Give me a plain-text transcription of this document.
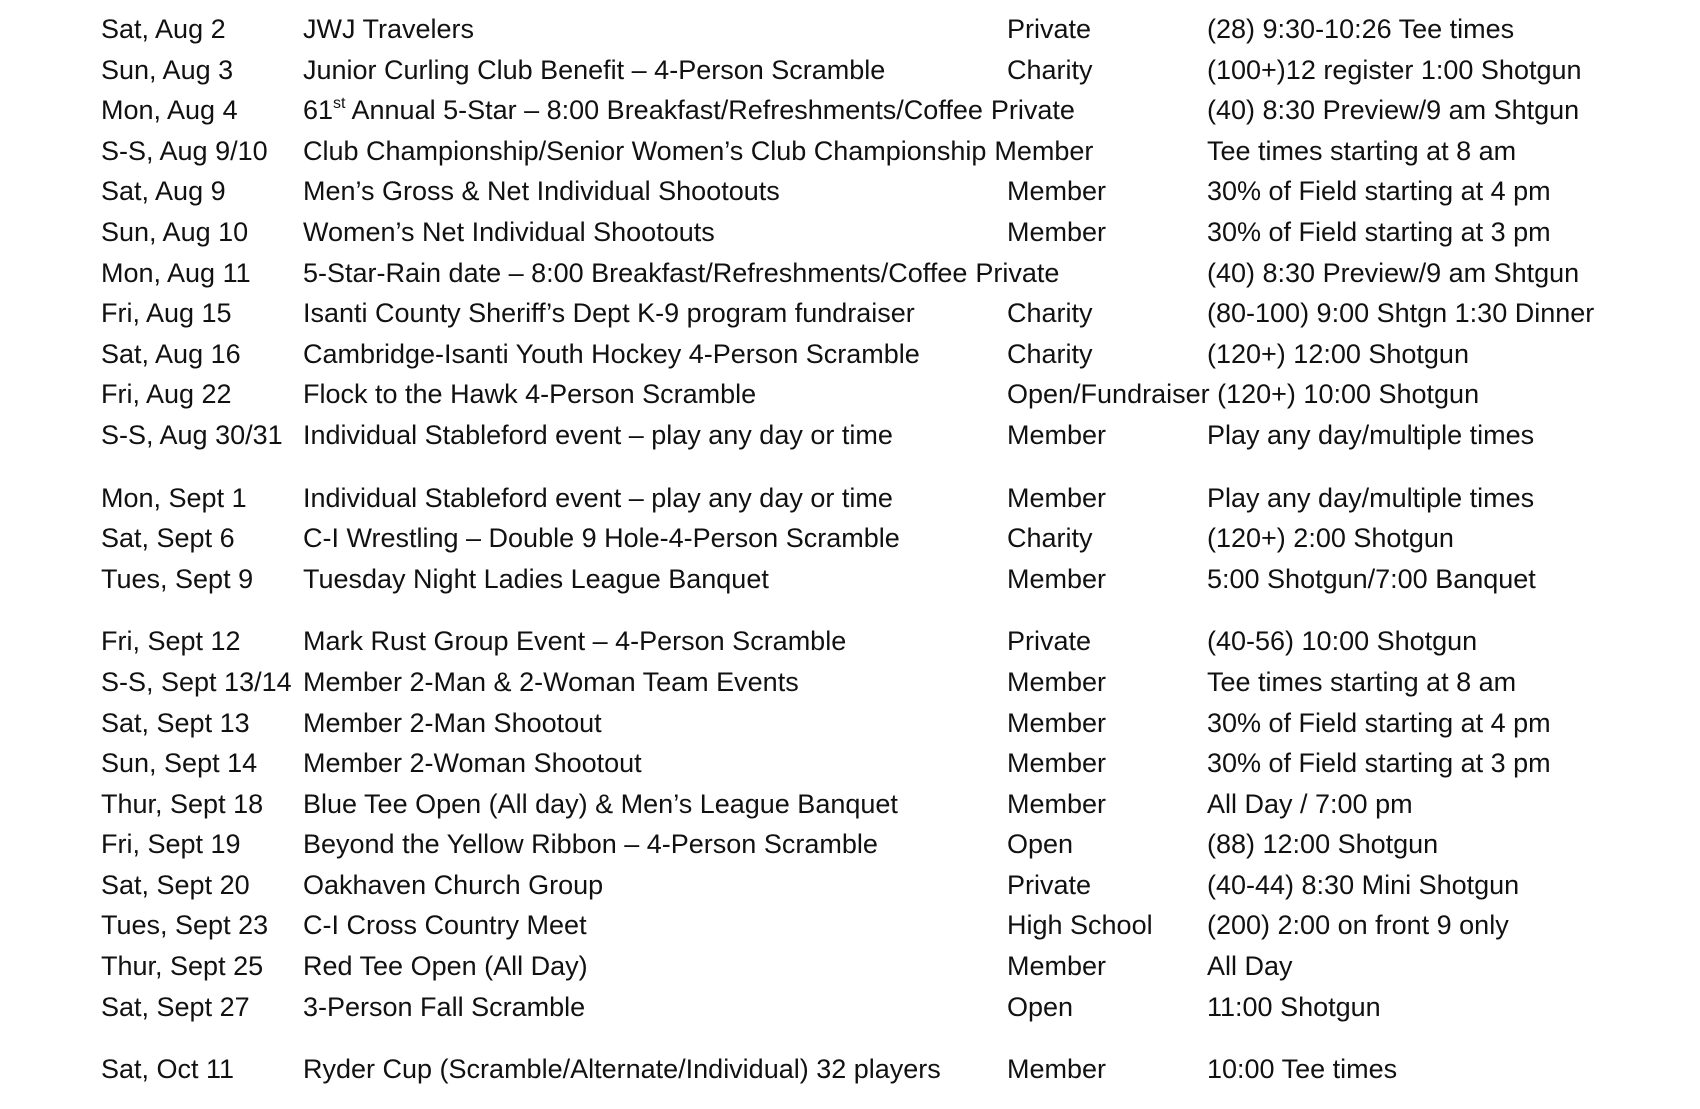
Sat, Aug 2	JWJ Travelers	Private	(28) 9:30-10:26 Tee times
Sun, Aug 3	Junior Curling Club Benefit – 4-Person Scramble	Charity	(100+)12 register 1:00 Shotgun
Mon, Aug 4 61st Annual 5-Star – 8:00 Breakfast/Refreshments/Coffee Private	(40) 8:30 Preview/9 am Shtgun
S-S, Aug 9/10 Club Championship/Senior Women’s Club Championship Member	Tee times starting at 8 am
Sat, Aug 9	Men’s Gross & Net Individual Shootouts	Member	30% of Field starting at 4 pm
Sun, Aug 10 Women’s Net Individual Shootouts	Member	30% of Field starting at 3 pm
Mon, Aug 11 5-Star-Rain date – 8:00 Breakfast/Refreshments/Coffee Private	(40) 8:30 Preview/9 am Shtgun
Fri, Aug 15	Isanti County Sheriff’s Dept K-9 program fundraiser	Charity	(80-100) 9:00 Shtgn 1:30 Dinner
Sat, Aug 16 Cambridge-Isanti Youth Hockey 4-Person Scramble	Charity	(120+) 12:00 Shotgun
Fri, Aug 22	Flock to the Hawk 4-Person Scramble	Open/Fundraiser (120+) 10:00 Shotgun
S-S, Aug 30/31 Individual Stableford event – play any day or time	Member	Play any day/multiple times
Mon, Sept 1 Individual Stableford event – play any day or time	Member	Play any day/multiple times
Sat, Sept 6	C-I Wrestling – Double 9 Hole-4-Person Scramble	Charity	(120+) 2:00 Shotgun
Tues, Sept 9 Tuesday Night Ladies League Banquet	Member	5:00 Shotgun/7:00 Banquet
Fri, Sept 12 Mark Rust Group Event – 4-Person Scramble	Private	(40-56) 10:00 Shotgun
S-S, Sept 13/14 Member 2-Man & 2-Woman Team Events	Member	Tee times starting at 8 am
Sat, Sept 13 Member 2-Man Shootout	Member	30% of Field starting at 4 pm
Sun, Sept 14 Member 2-Woman Shootout	Member	30% of Field starting at 3 pm
Thur, Sept 18 Blue Tee Open (All day) & Men’s League Banquet	Member	All Day / 7:00 pm
Fri, Sept 19 Beyond the Yellow Ribbon – 4-Person Scramble	Open	(88) 12:00 Shotgun
Sat, Sept 20 Oakhaven Church Group	Private	(40-44) 8:30 Mini Shotgun
Tues, Sept 23 C-I Cross Country Meet	High School (200) 2:00 on front 9 only
Thur, Sept 25 Red Tee Open (All Day)	Member	All Day
Sat, Sept 27 3-Person Fall Scramble	Open	11:00 Shotgun
Sat, Oct 11	Ryder Cup (Scramble/Alternate/Individual) 32 players Member	10:00 Tee times
